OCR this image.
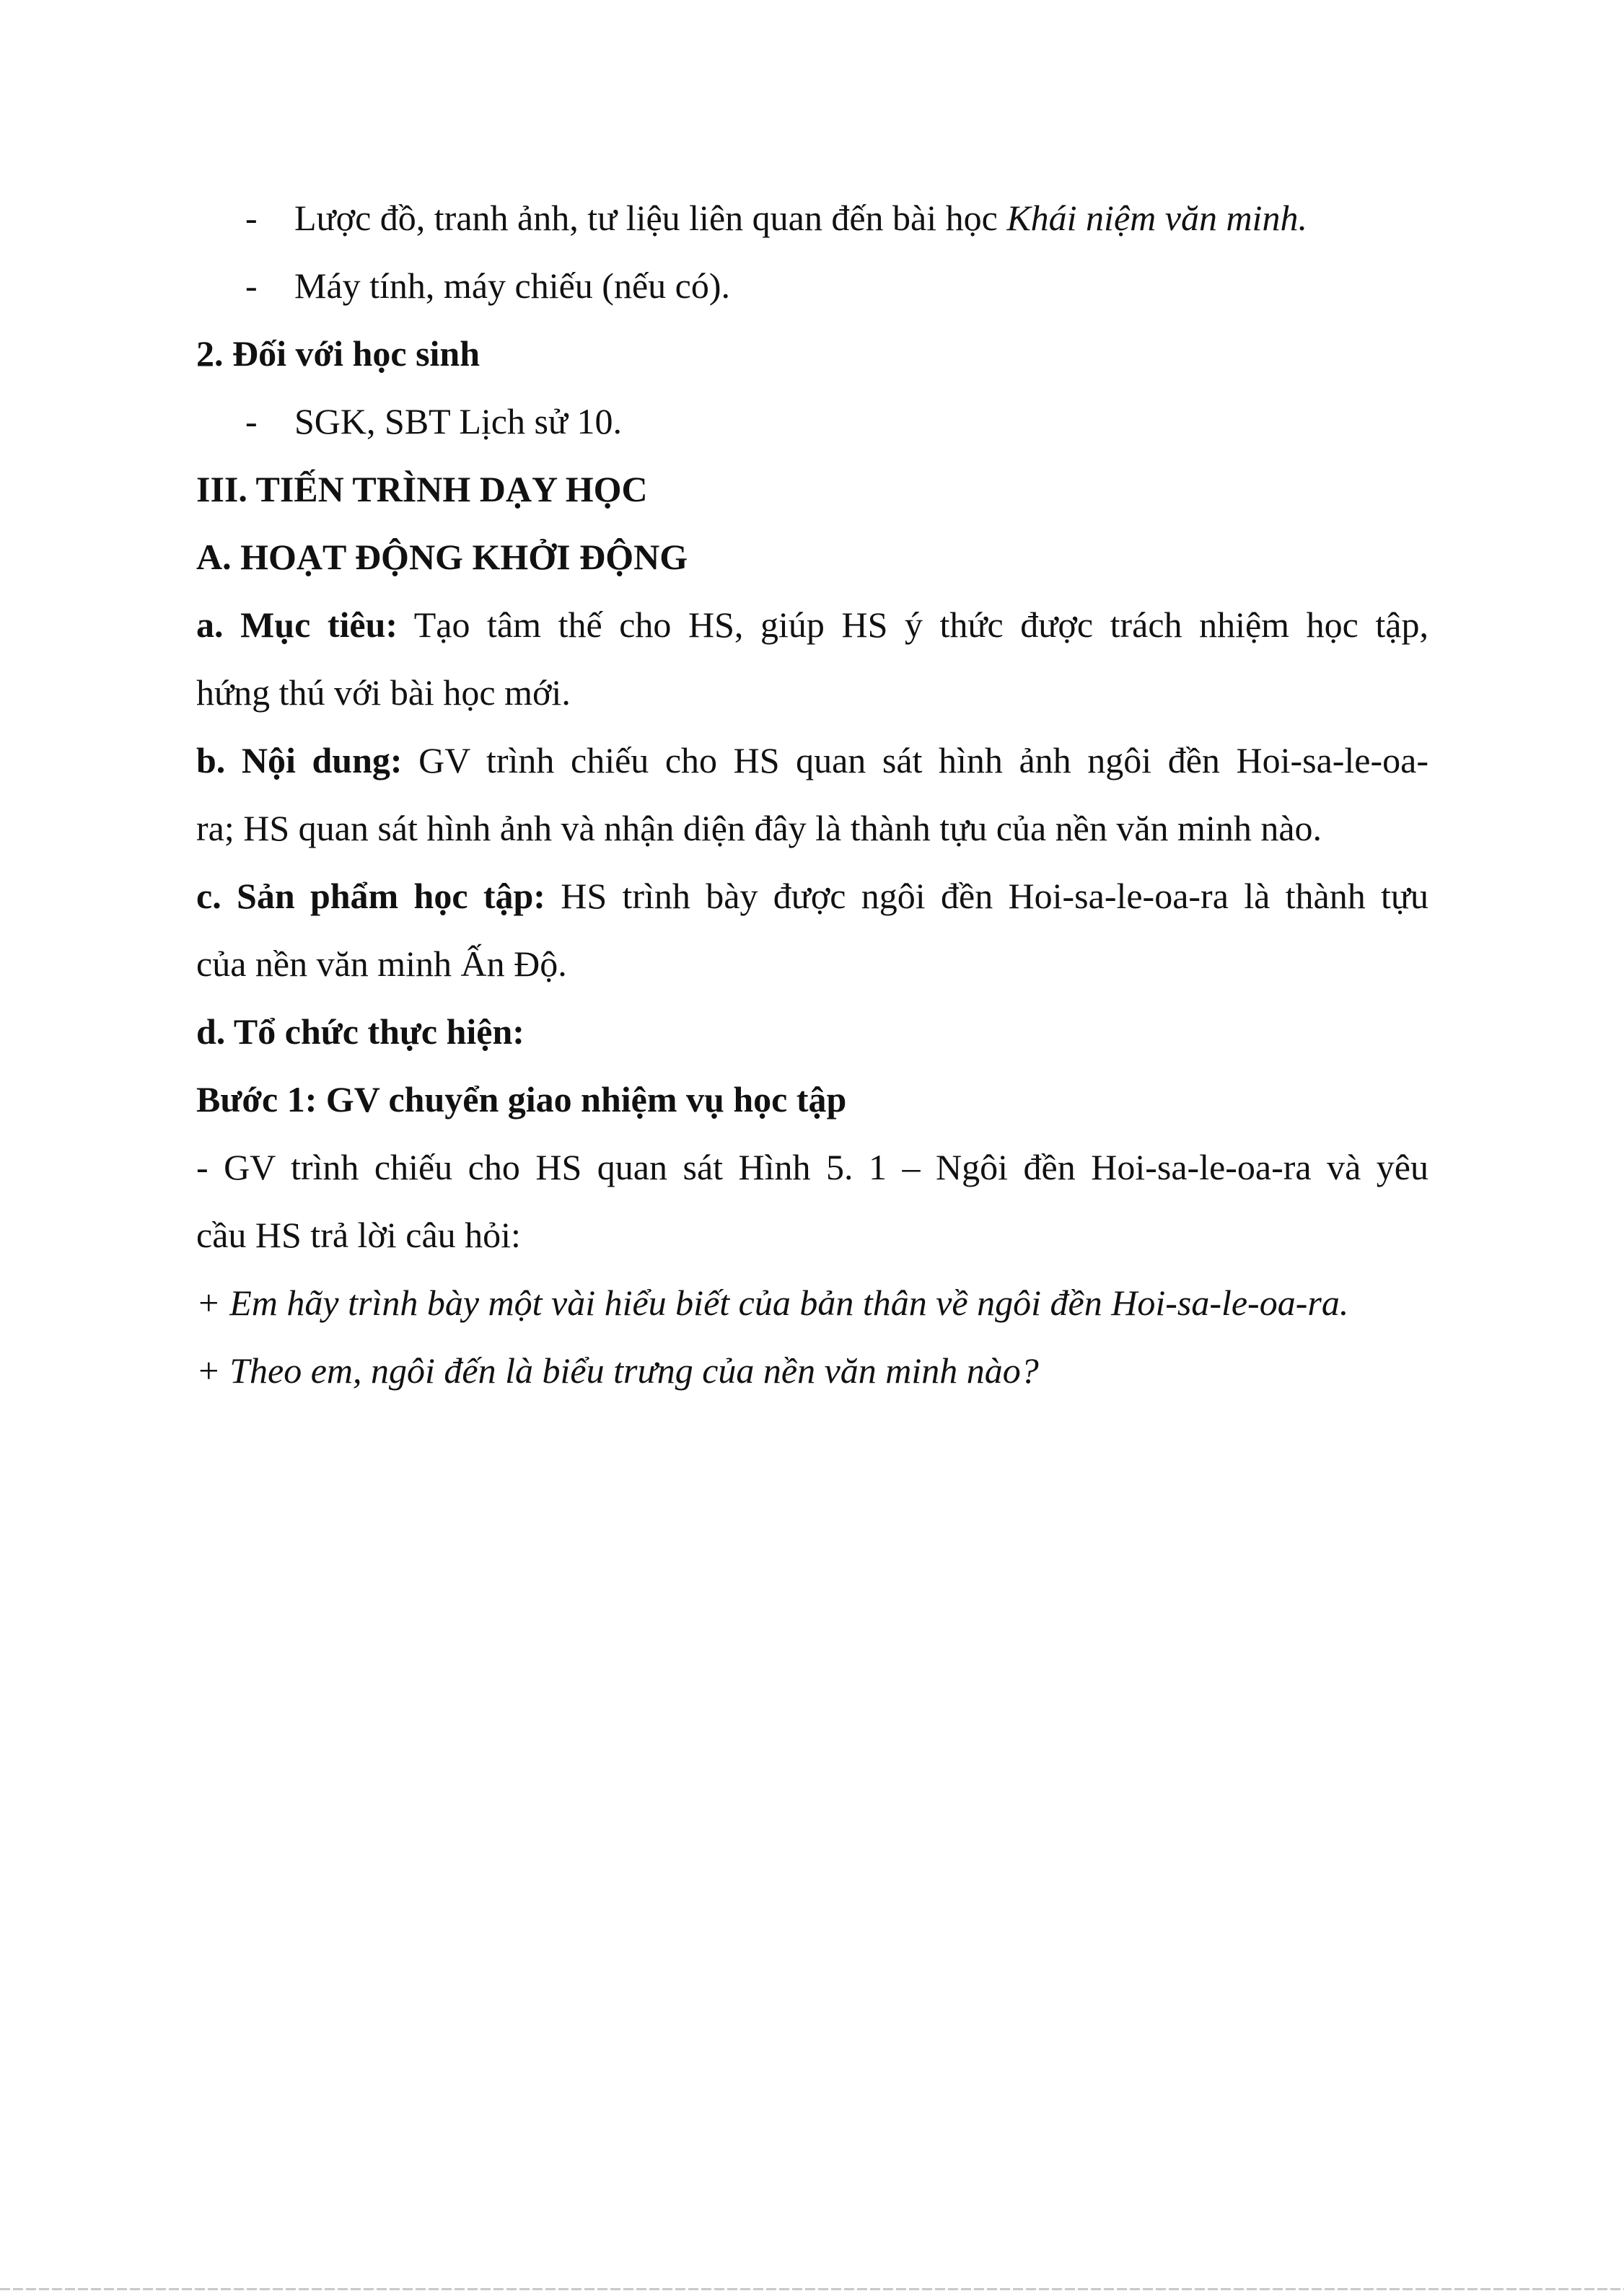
- Lược đồ, tranh ảnh, tư liệu liên quan đến bài học Khái niệm văn minh.
- Máy tính, máy chiếu (nếu có).
2. Đối với học sinh
- SGK, SBT Lịch sử 10.
III. TIẾN TRÌNH DẠY HỌC
A. HOẠT ĐỘNG KHỞI ĐỘNG
a. Mục tiêu: Tạo tâm thế cho HS, giúp HS ý thức được trách nhiệm học tập,
hứng thú với bài học mới.
b. Nội dung: GV trình chiếu cho HS quan sát hình ảnh ngôi đền Hoi-sa-le-oa-
ra; HS quan sát hình ảnh và nhận diện đây là thành tựu của nền văn minh nào.
c. Sản phẩm học tập: HS trình bày được ngôi đền Hoi-sa-le-oa-ra là thành tựu
của nền văn minh Ấn Độ.
d. Tổ chức thực hiện:
Bước 1: GV chuyển giao nhiệm vụ học tập
- GV trình chiếu cho HS quan sát Hình 5. 1 – Ngôi đền Hoi-sa-le-oa-ra và yêu
cầu HS trả lời câu hỏi:
+ Em hãy trình bày một vài hiểu biết của bản thân về ngôi đền Hoi-sa-le-oa-ra.
+ Theo em, ngôi đến là biểu trưng của nền văn minh nào?
